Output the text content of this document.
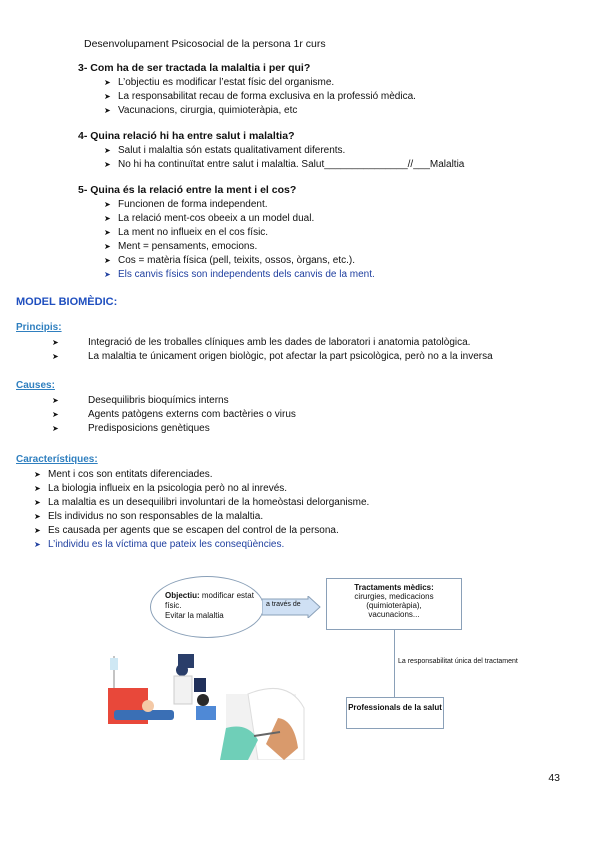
Desenvolupament Psicosocial de la persona 1r curs
3- Com ha de ser tractada la malaltia i per qui?
➤ L’objectiu es modificar l’estat físic del organisme.
➤ La responsabilitat recau de forma exclusiva en la professió mèdica.
➤ Vacunacions, cirurgia, quimioteràpia, etc
4- Quina relació hi ha entre salut i malaltia?
➤ Salut i malaltia són estats qualitativament diferents.
➤ No hi ha continuïtat entre salut i malaltia. Salut_______________//___Malaltia
5- Quina és la relació entre la ment i el cos?
➤ Funcionen de forma independent.
➤ La relació ment-cos obeeix a un model dual.
➤ La ment no influeix en el cos físic.
➤ Ment = pensaments, emocions.
➤ Cos = matèria física (pell, teixits, ossos, òrgans, etc.).
➤ Els canvis físics son independents dels canvis de la ment.
MODEL BIOMÈDIC:
Principis:
➤	Integració de les troballes clíniques amb les dades de laboratori i anatomia patològica.
➤	La malaltia te únicament origen biològic, pot afectar la part psicològica, però no a la inversa
Causes:
➤	Desequilibris bioquímics interns
➤	Agents patògens externs com bactèries o virus
➤	Predisposicions genètiques
Característiques:
➤ Ment i cos son entitats diferenciades.
➤ La biologia influeix en la psicologia però no al inrevés.
➤ La malaltia es un desequilibri involuntari de la homeòstasi delorganisme.
➤ Els individus no son responsables de la malaltia.
➤ Es causada per agents que se escapen del control de la persona.
➤ L’individu es la víctima que pateix les conseqüències.
Objectiu: modificar estat físic.
Evitar la malaltia
a través de
Tractaments mèdics:
cirurgies, medicacions (quimioteràpia), vacunacions...
La responsabilitat única del tractament
Professionals de la salut
43
